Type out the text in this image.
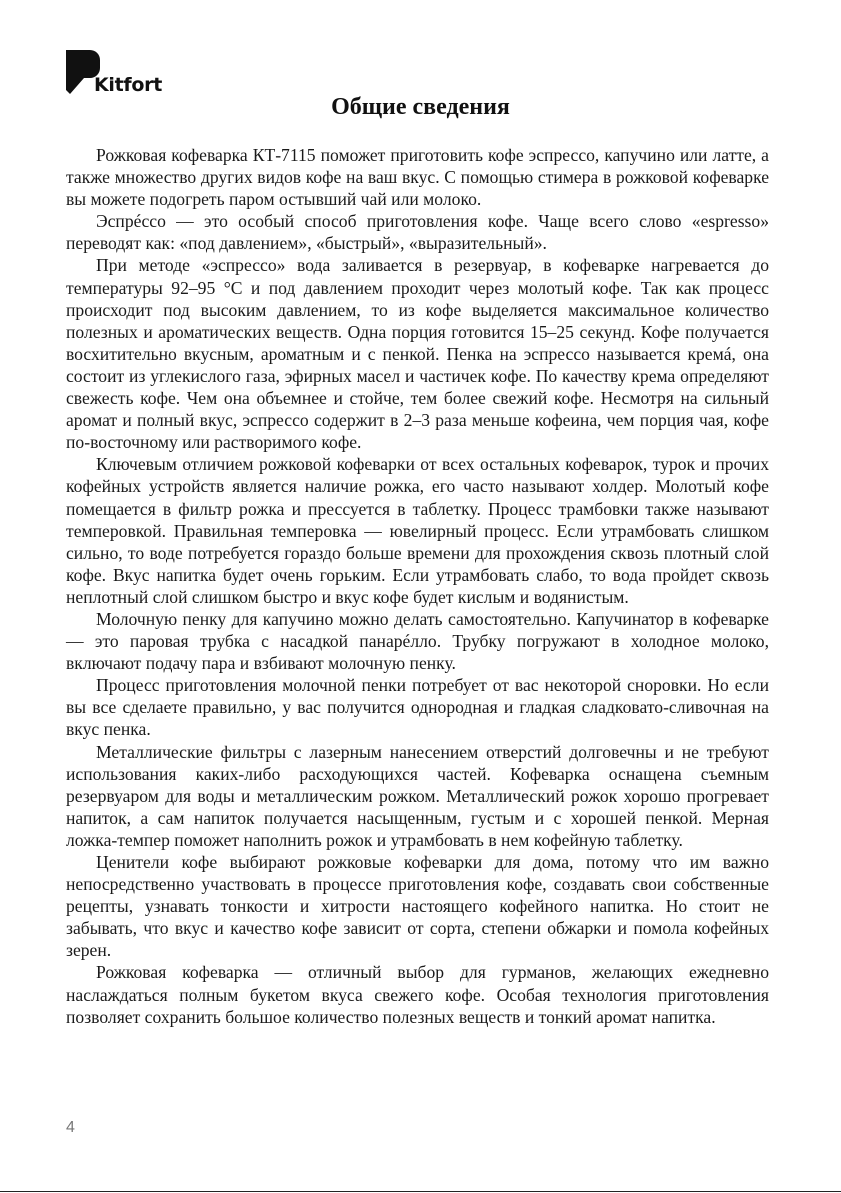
Kitfort
Общие сведения

Рожковая кофеварка КТ-7115 поможет приготовить кофе эспрессо, капучино или латте, а также множество других видов кофе на ваш вкус. С помощью стимера в рожковой кофеварке вы можете подогреть паром остывший чай или молоко.

Эспрéссо — это особый способ приготовления кофе. Чаще всего слово «espresso» переводят как: «под давлением», «быстрый», «выразительный».

При методе «эспрессо» вода заливается в резервуар, в кофеварке нагревается до температуры 92–95 °C и под давлением проходит через молотый кофе. Так как процесс происходит под высоким давлением, то из кофе выделяется максимальное количество полезных и ароматических веществ. Одна порция готовится 15–25 секунд. Кофе получается восхитительно вкусным, ароматным и с пенкой. Пенка на эспрессо называется кремá, она состоит из углекислого газа, эфирных масел и частичек кофе. По качеству крема определяют свежесть кофе. Чем она объемнее и стойче, тем более свежий кофе. Несмотря на сильный аромат и полный вкус, эспрессо содержит в 2–3 раза меньше кофеина, чем порция чая, кофе по-восточному или растворимого кофе.

Ключевым отличием рожковой кофеварки от всех остальных кофеварок, турок и прочих кофейных устройств является наличие рожка, его часто называют холдер. Молотый кофе помещается в фильтр рожка и прессуется в таблетку. Процесс трамбовки также называют темперовкой. Правильная темперовка — ювелирный процесс. Если утрамбовать слишком сильно, то воде потребуется гораздо больше времени для прохождения сквозь плотный слой кофе. Вкус напитка будет очень горьким. Если утрамбовать слабо, то вода пройдет сквозь неплотный слой слишком быстро и вкус кофе будет кислым и водянистым.

Молочную пенку для капучино можно делать самостоятельно. Капучинатор в кофеварке — это паровая трубка с насадкой панарéлло. Трубку погружают в холодное молоко, включают подачу пара и взбивают молочную пенку.

Процесс приготовления молочной пенки потребует от вас некоторой сноровки. Но если вы все сделаете правильно, у вас получится однородная и гладкая сладковато-сливочная на вкус пенка.

Металлические фильтры с лазерным нанесением отверстий долговечны и не требуют использования каких-либо расходующихся частей. Кофеварка оснащена съемным резервуаром для воды и металлическим рожком. Металлический рожок хорошо прогревает напиток, а сам напиток получается насыщенным, густым и с хорошей пенкой. Мерная ложка-темпер поможет наполнить рожок и утрамбовать в нем кофейную таблетку.

Ценители кофе выбирают рожковые кофеварки для дома, потому что им важно непосредственно участвовать в процессе приготовления кофе, создавать свои собственные рецепты, узнавать тонкости и хитрости настоящего кофейного напитка. Но стоит не забывать, что вкус и качество кофе зависит от сорта, степени обжарки и помола кофейных зерен.

Рожковая кофеварка — отличный выбор для гурманов, желающих ежедневно наслаждаться полным букетом вкуса свежего кофе. Особая технология приготовления позволяет сохранить большое количество полезных веществ и тонкий аромат напитка.

4
